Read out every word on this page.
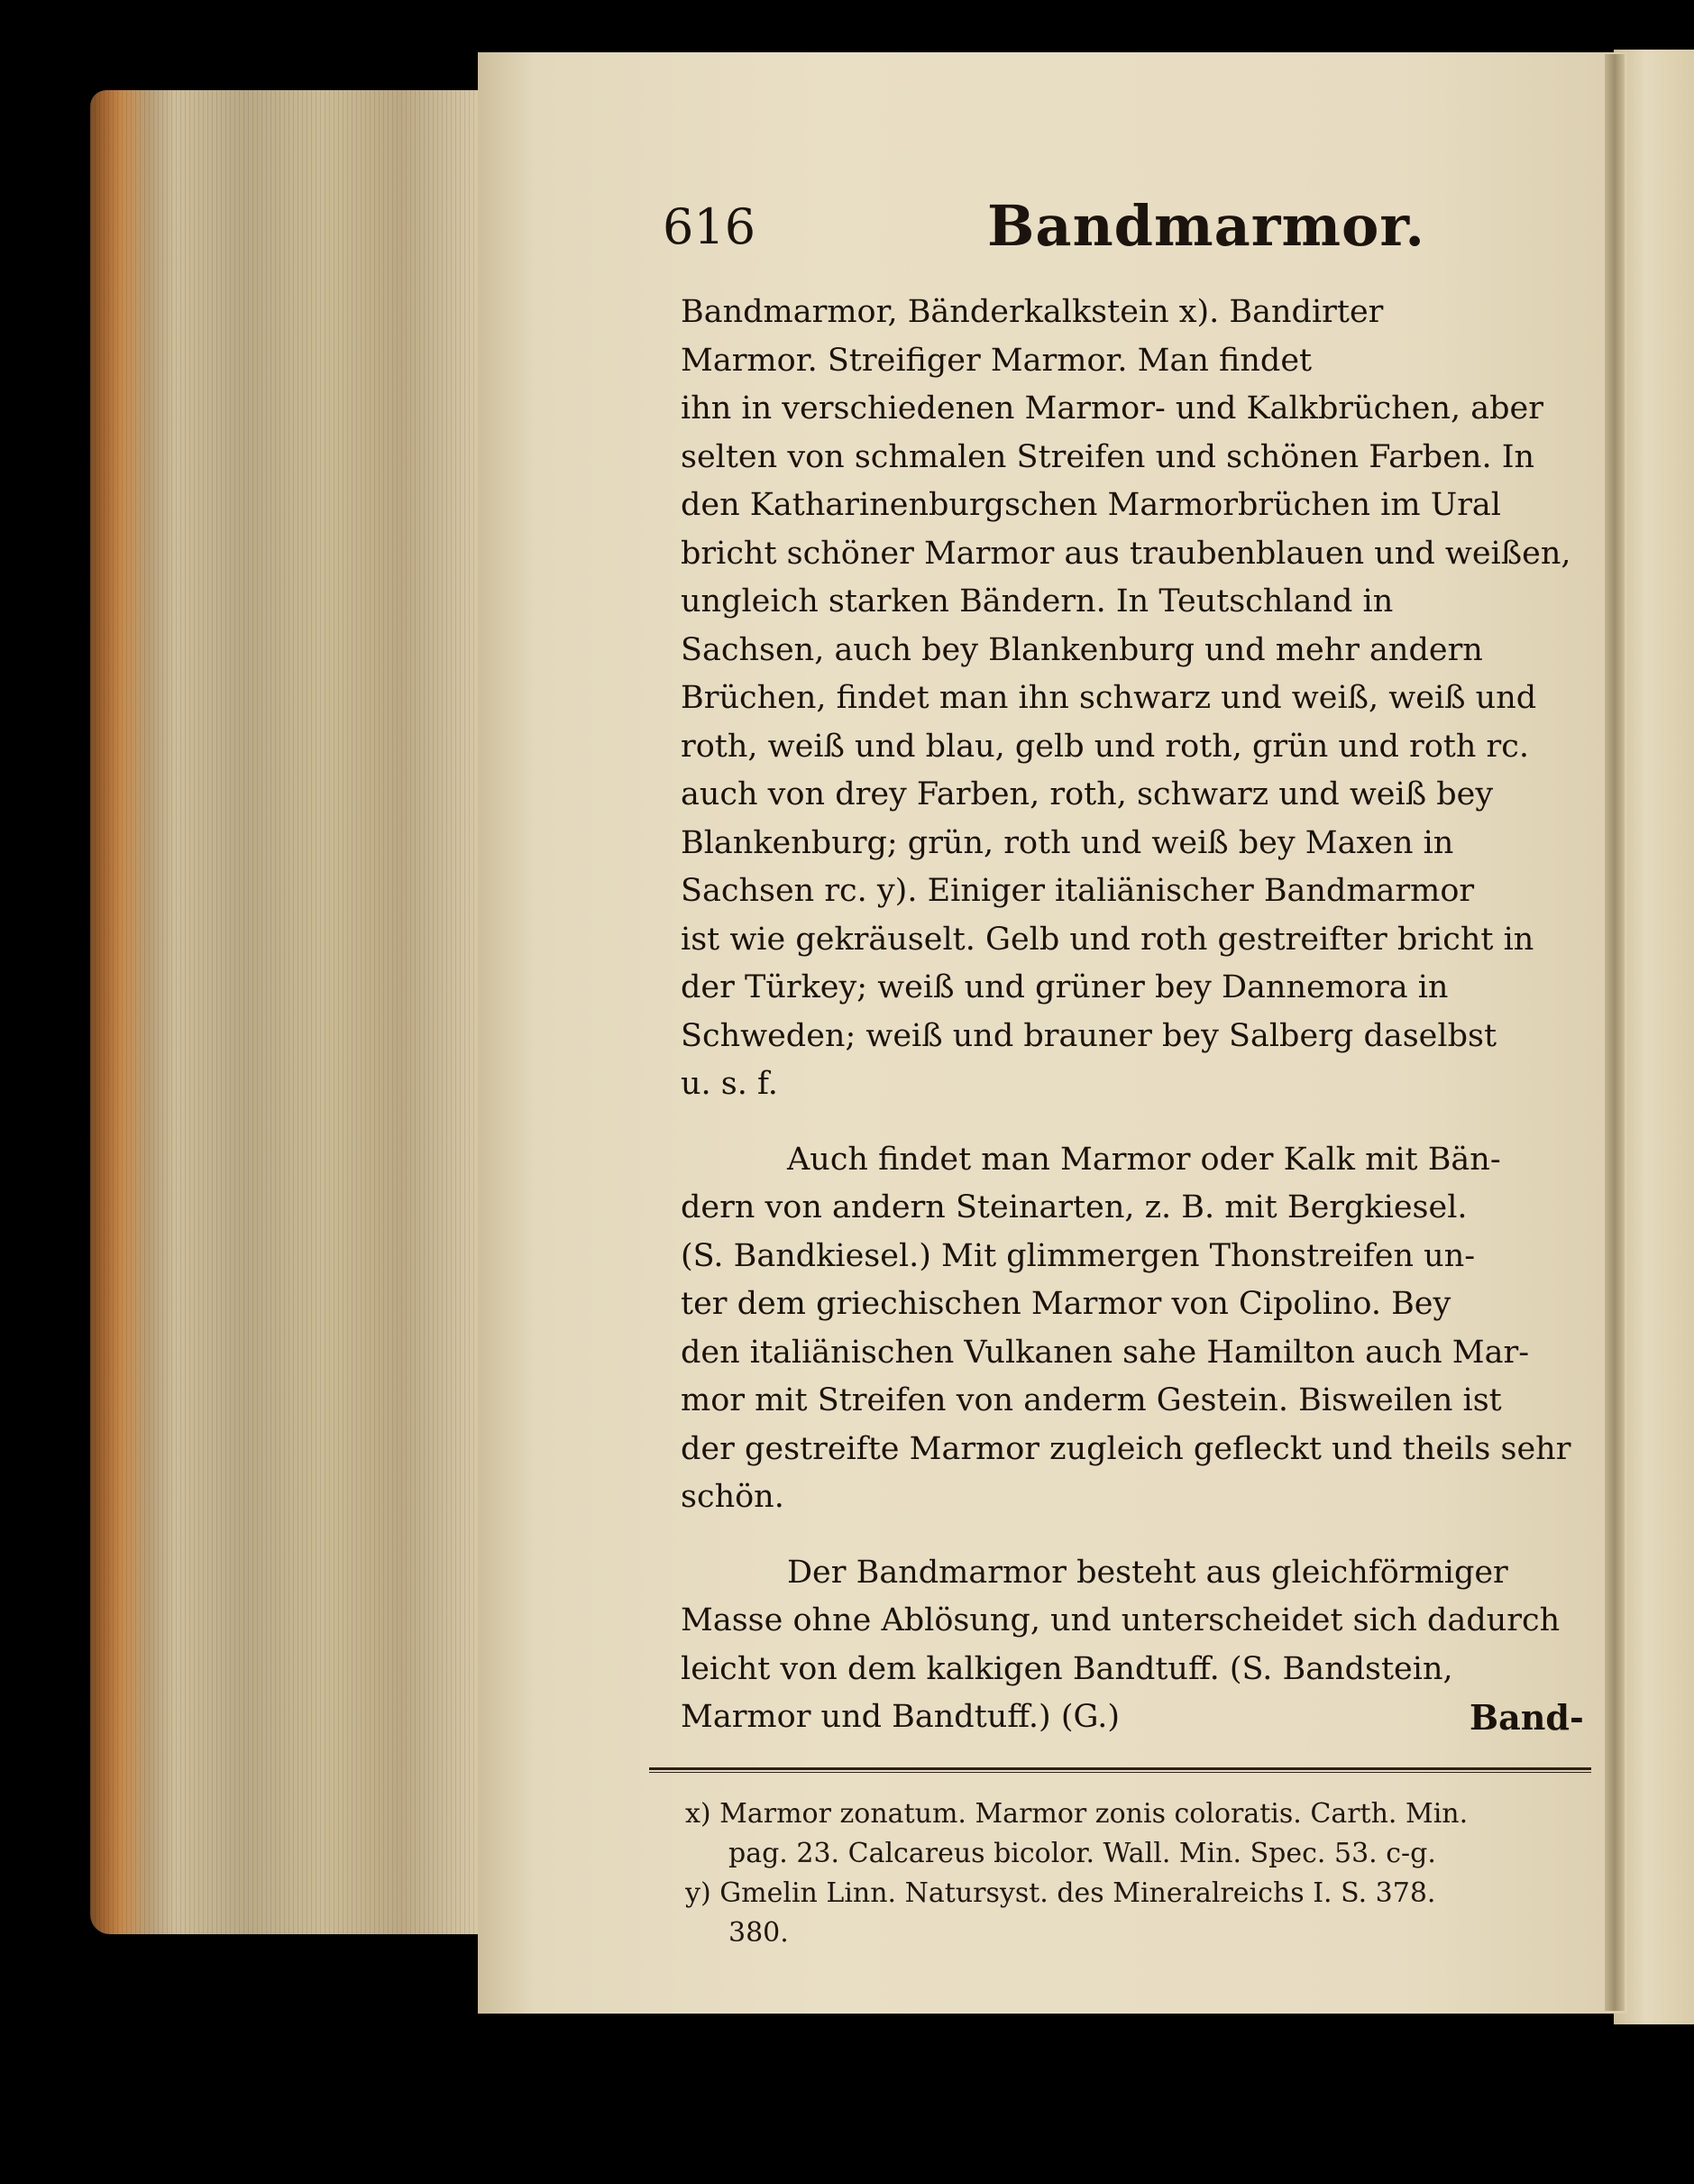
616	Bandmarmor.

Bandmarmor, Bänderkalkstein x). Bandirter
Marmor. Streifiger Marmor. Man findet
ihn in verschiedenen Marmor- und Kalkbrüchen, aber
selten von schmalen Streifen und schönen Farben. In
den Katharinenburgschen Marmorbrüchen im Ural
bricht schöner Marmor aus traubenblauen und weißen,
ungleich starken Bändern. In Teutschland in
Sachsen, auch bey Blankenburg und mehr andern
Brüchen, findet man ihn schwarz und weiß, weiß und
roth, weiß und blau, gelb und roth, grün und roth rc.
auch von drey Farben, roth, schwarz und weiß bey
Blankenburg; grün, roth und weiß bey Maxen in
Sachsen rc. y). Einiger italiänischer Bandmarmor
ist wie gekräuselt. Gelb und roth gestreifter bricht in
der Türkey; weiß und grüner bey Dannemora in
Schweden; weiß und brauner bey Salberg daselbst
u. s. f.

Auch findet man Marmor oder Kalk mit Bän-
dern von andern Steinarten, z. B. mit Bergkiesel.
(S. Bandkiesel.) Mit glimmergen Thonstreifen un-
ter dem griechischen Marmor von Cipolino. Bey
den italiänischen Vulkanen sahe Hamilton auch Mar-
mor mit Streifen von anderm Gestein. Bisweilen ist
der gestreifte Marmor zugleich gefleckt und theils sehr
schön.

Der Bandmarmor besteht aus gleichförmiger
Masse ohne Ablösung, und unterscheidet sich dadurch
leicht von dem kalkigen Bandtuff. (S. Bandstein,
Marmor und Bandtuff.) (G.)	Band-
x) Marmor zonatum. Marmor zonis coloratis. Carth. Min.
pag. 23. Calcareus bicolor. Wall. Min. Spec. 53. c-g.
y) Gmelin Linn. Natursyst. des Mineralreichs I. S. 378.
380.
